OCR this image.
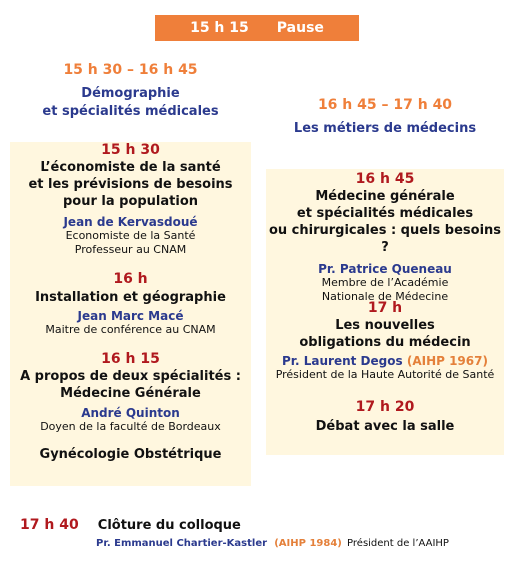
15 h 15 Pause
15 h 30 – 16 h 45
Démographie
et spécialités médicales	16 h 45 – 17 h 40
Les métiers de médecins
15 h 30
L’économiste de la santé
et les prévisions de besoins
pour la population
Jean de Kervasdoué
Economiste de la Santé
Professeur au CNAM
16 h
Installation et géographie
Jean Marc Macé
Maitre de conférence au CNAM
16 h 15
A propos de deux spécialités :
Médecine Générale
André Quinton
Doyen de la faculté de Bordeaux
Gynécologie Obstétrique
16 h 45
Médecine générale
et spécialités médicales
ou chirurgicales : quels besoins ?
Pr. Patrice Queneau
Membre de l’Académie
Nationale de Médecine
17 h
Les nouvelles
obligations du médecin
Pr. Laurent Degos (AIHP 1967)
Président de la Haute Autorité de Santé
17 h 20
Débat avec la salle
17 h 40 Clôture du colloque
Pr. Emmanuel Chartier-Kastler (AIHP 1984) Président de l’AAIHP
